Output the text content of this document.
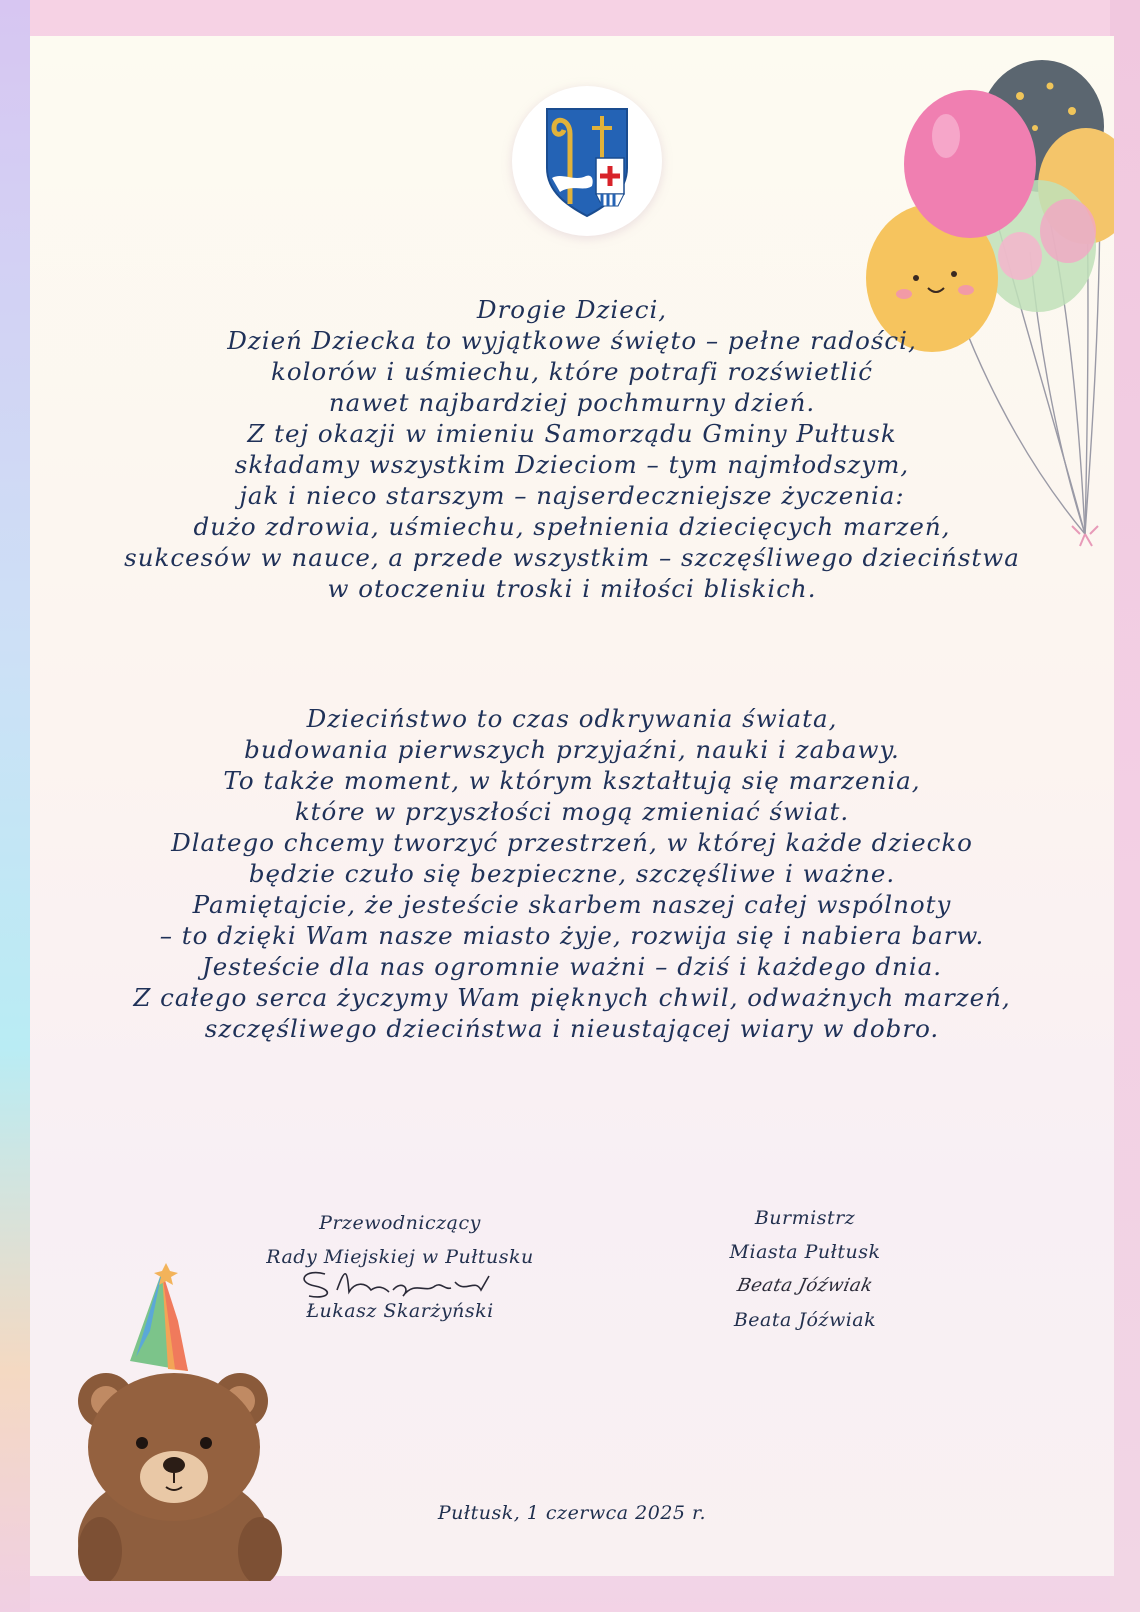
Drogie Dzieci,
Dzień Dziecka to wyjątkowe święto – pełne radości,
kolorów i uśmiechu, które potrafi rozświetlić
nawet najbardziej pochmurny dzień.
Z tej okazji w imieniu Samorządu Gminy Pułtusk
składamy wszystkim Dzieciom – tym najmłodszym,
jak i nieco starszym – najserdeczniejsze życzenia:
dużo zdrowia, uśmiechu, spełnienia dziecięcych marzeń,
sukcesów w nauce, a przede wszystkim – szczęśliwego dzieciństwa
w otoczeniu troski i miłości bliskich.
Dzieciństwo to czas odkrywania świata,
budowania pierwszych przyjaźni, nauki i zabawy.
To także moment, w którym kształtują się marzenia,
które w przyszłości mogą zmieniać świat.
Dlatego chcemy tworzyć przestrzeń, w której każde dziecko
będzie czuło się bezpieczne, szczęśliwe i ważne.
Pamiętajcie, że jesteście skarbem naszej całej wspólnoty
– to dzięki Wam nasze miasto żyje, rozwija się i nabiera barw.
Jesteście dla nas ogromnie ważni – dziś i każdego dnia.
Z całego serca życzymy Wam pięknych chwil, odważnych marzeń,
szczęśliwego dzieciństwa i nieustającej wiary w dobro.
Przewodniczący
Rady Miejskiej w Pułtusku
Łukasz Skarżyński
Burmistrz
Miasta Pułtusk
Beata Jóźwiak
Beata Jóźwiak
Pułtusk, 1 czerwca 2025 r.
